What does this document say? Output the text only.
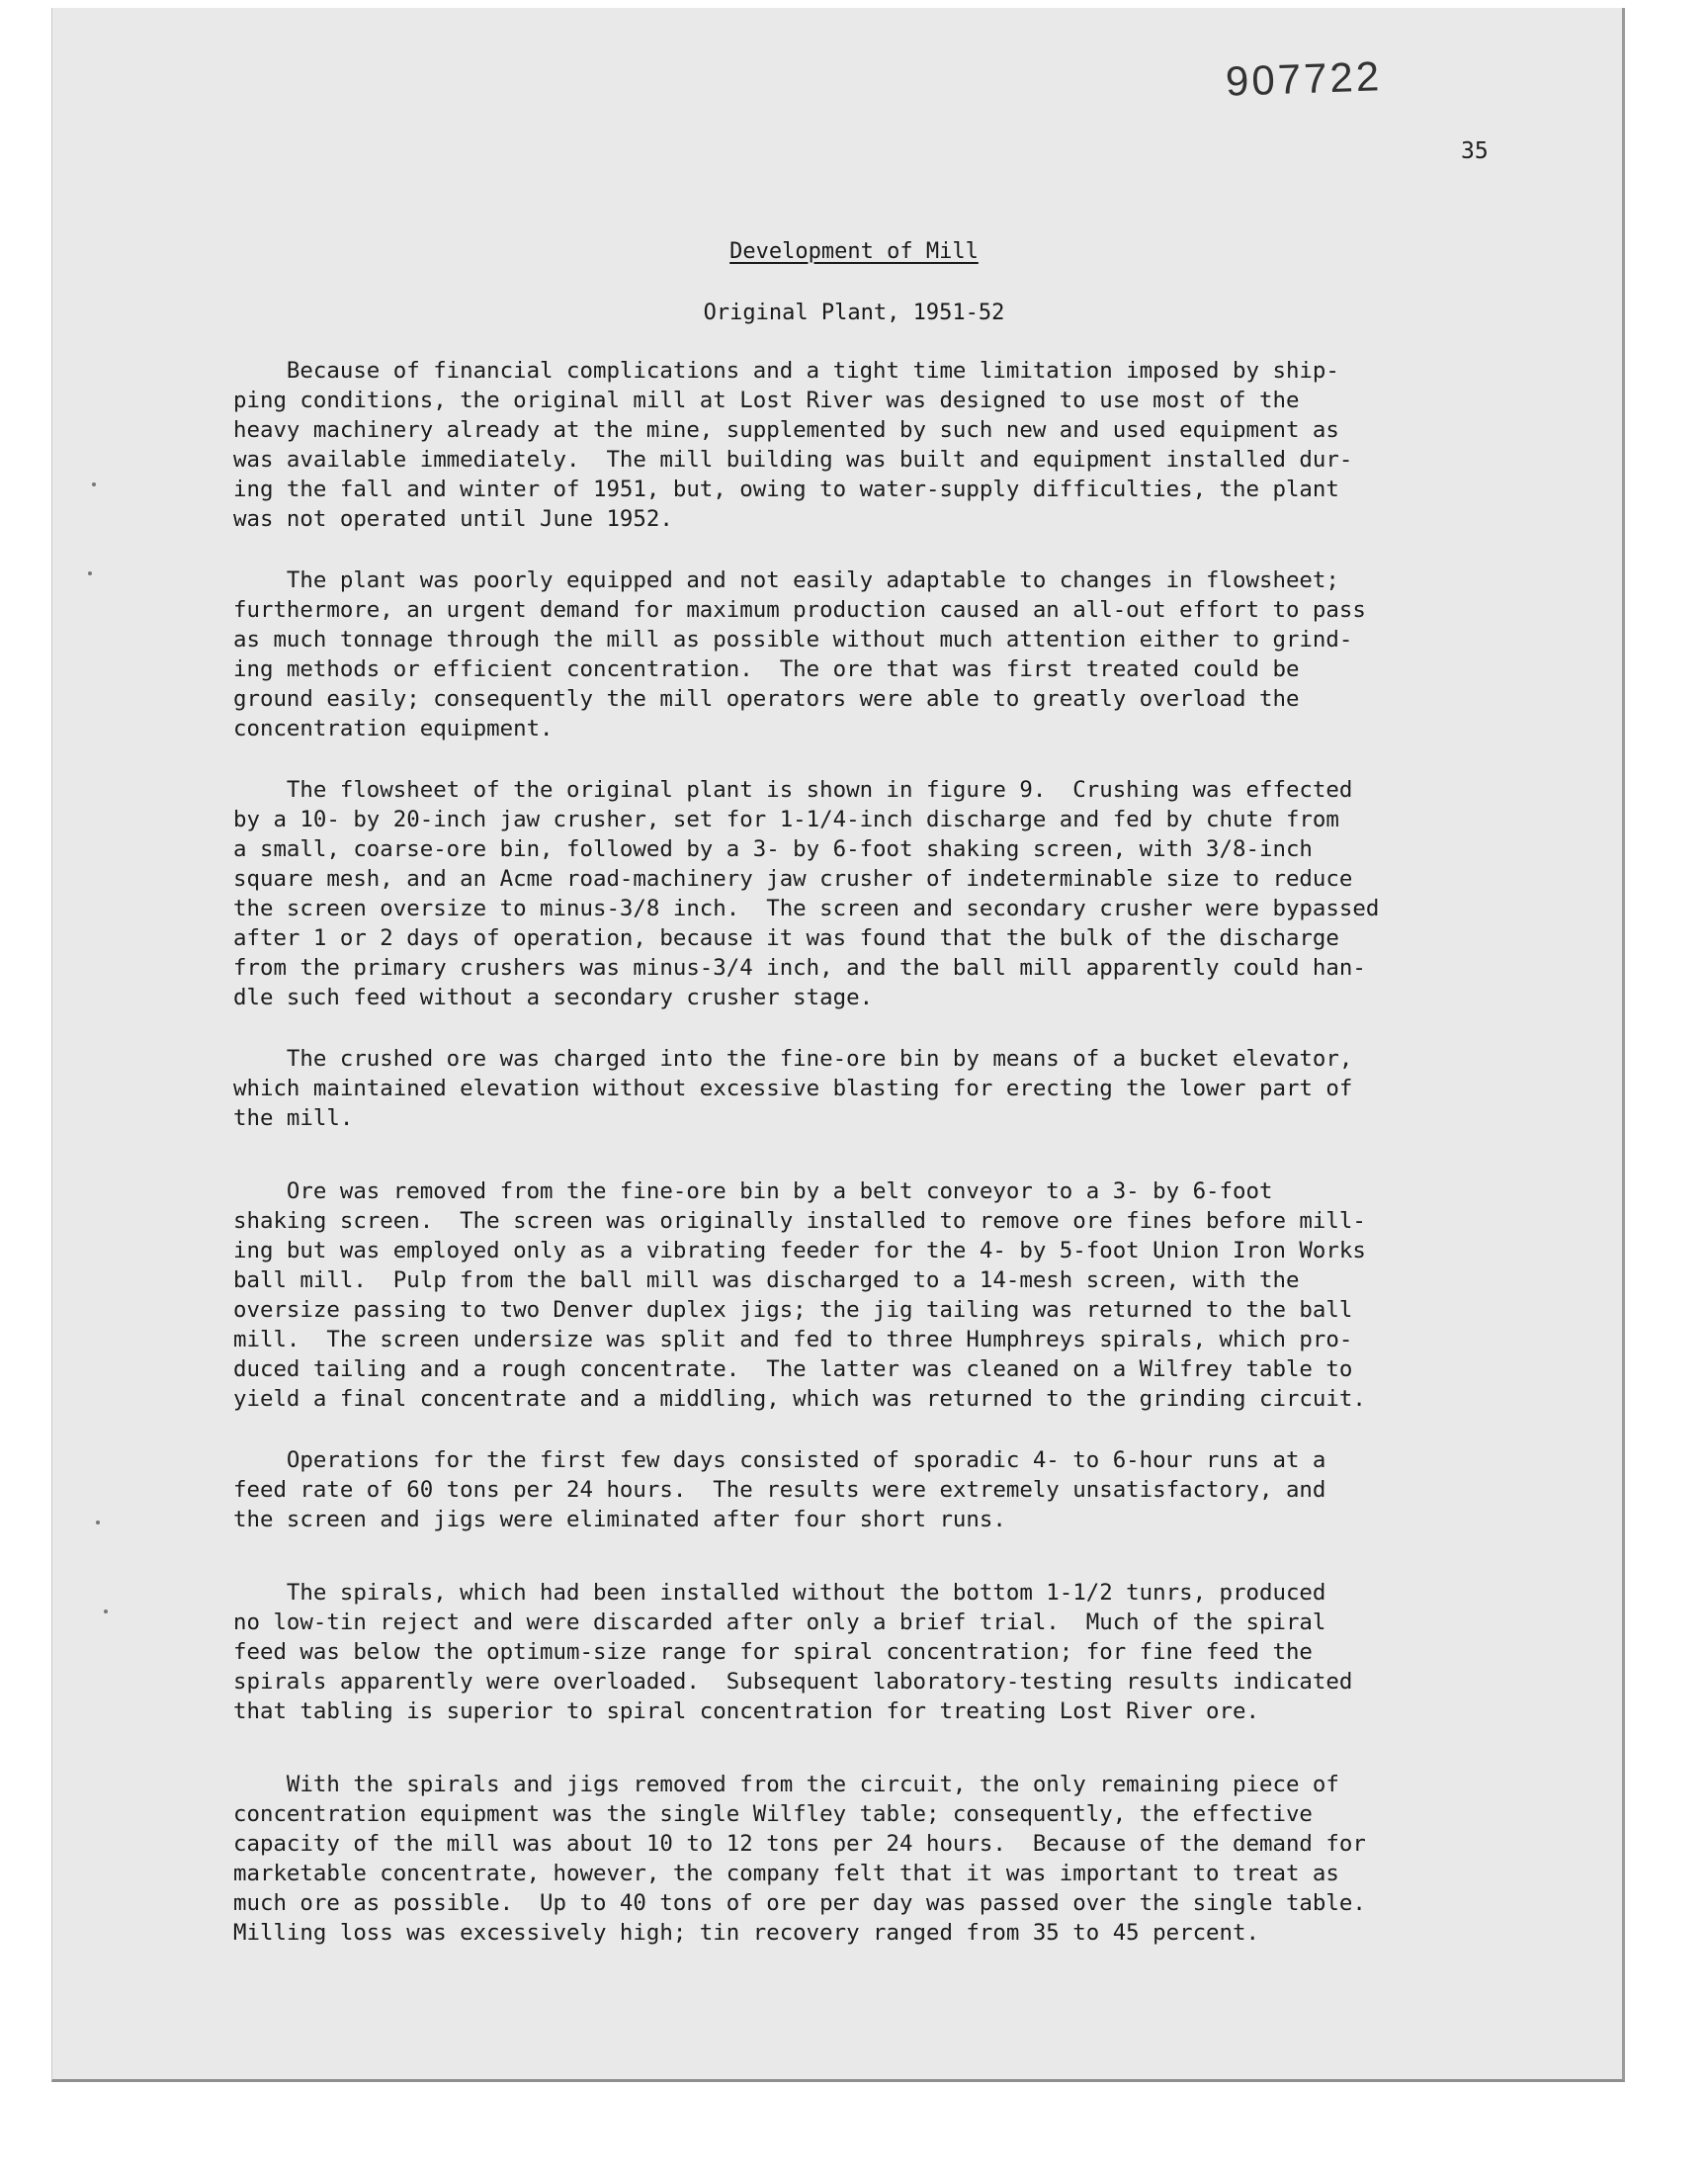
907722
35
Development of Mill
Original Plant, 1951-52

Because of financial complications and a tight time limitation imposed by ship-
ping conditions, the original mill at Lost River was designed to use most of the
heavy machinery already at the mine, supplemented by such new and used equipment as
was available immediately.  The mill building was built and equipment installed dur-
ing the fall and winter of 1951, but, owing to water-supply difficulties, the plant
was not operated until June 1952.

The plant was poorly equipped and not easily adaptable to changes in flowsheet;
furthermore, an urgent demand for maximum production caused an all-out effort to pass
as much tonnage through the mill as possible without much attention either to grind-
ing methods or efficient concentration.  The ore that was first treated could be
ground easily; consequently the mill operators were able to greatly overload the
concentration equipment.

The flowsheet of the original plant is shown in figure 9.  Crushing was effected
by a 10- by 20-inch jaw crusher, set for 1-1/4-inch discharge and fed by chute from
a small, coarse-ore bin, followed by a 3- by 6-foot shaking screen, with 3/8-inch
square mesh, and an Acme road-machinery jaw crusher of indeterminable size to reduce
the screen oversize to minus-3/8 inch.  The screen and secondary crusher were bypassed
after 1 or 2 days of operation, because it was found that the bulk of the discharge
from the primary crushers was minus-3/4 inch, and the ball mill apparently could han-
dle such feed without a secondary crusher stage.

The crushed ore was charged into the fine-ore bin by means of a bucket elevator,
which maintained elevation without excessive blasting for erecting the lower part of
the mill.

Ore was removed from the fine-ore bin by a belt conveyor to a 3- by 6-foot
shaking screen.  The screen was originally installed to remove ore fines before mill-
ing but was employed only as a vibrating feeder for the 4- by 5-foot Union Iron Works
ball mill.  Pulp from the ball mill was discharged to a 14-mesh screen, with the
oversize passing to two Denver duplex jigs; the jig tailing was returned to the ball
mill.  The screen undersize was split and fed to three Humphreys spirals, which pro-
duced tailing and a rough concentrate.  The latter was cleaned on a Wilfrey table to
yield a final concentrate and a middling, which was returned to the grinding circuit.

Operations for the first few days consisted of sporadic 4- to 6-hour runs at a
feed rate of 60 tons per 24 hours.  The results were extremely unsatisfactory, and
the screen and jigs were eliminated after four short runs.

The spirals, which had been installed without the bottom 1-1/2 tunrs, produced
no low-tin reject and were discarded after only a brief trial.  Much of the spiral
feed was below the optimum-size range for spiral concentration; for fine feed the
spirals apparently were overloaded.  Subsequent laboratory-testing results indicated
that tabling is superior to spiral concentration for treating Lost River ore.

With the spirals and jigs removed from the circuit, the only remaining piece of
concentration equipment was the single Wilfley table; consequently, the effective
capacity of the mill was about 10 to 12 tons per 24 hours.  Because of the demand for
marketable concentrate, however, the company felt that it was important to treat as
much ore as possible.  Up to 40 tons of ore per day was passed over the single table.
Milling loss was excessively high; tin recovery ranged from 35 to 45 percent.
